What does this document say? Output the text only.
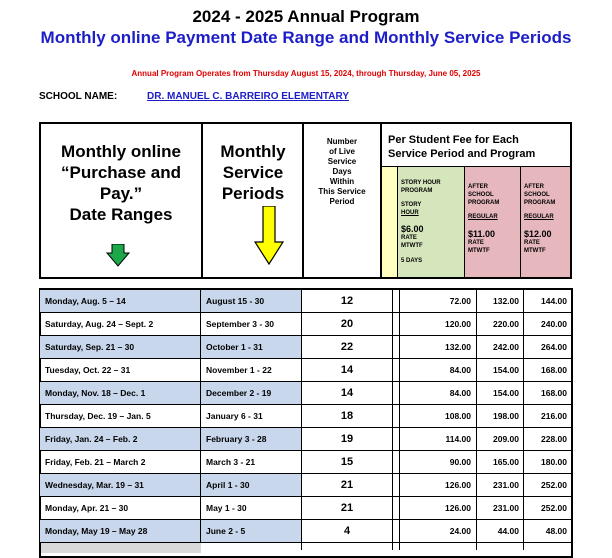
2024 - 2025 Annual Program
Monthly online Payment Date Range and Monthly Service Periods
Annual Program Operates from Thursday August 15, 2024, through Thursday, June 05, 2025
SCHOOL NAME:	DR. MANUEL C. BARREIRO ELEMENTARY
Monthly online
“Purchase and
Pay.”
Date Ranges
Monthly
Service
Periods
Number
of Live
Service
Days
Within
This Service
Period
Per Student Fee for Each
Service Period and Program
STORY HOUR
PROGRAM
STORY
HOUR
$6.00
RATE
MTWTF
5 DAYS
AFTER
SCHOOL
PROGRAM
REGULAR
$11.00
RATE
MTWTF
AFTER
SCHOOL
PROGRAM
REGULAR
$12.00
RATE
MTWTF
Monday, Aug. 5 – 14	August 15 - 30	12	72.00	132.00	144.00
Saturday, Aug. 24 – Sept. 2	September 3 - 30	20	120.00	220.00	240.00
Saturday, Sep. 21 – 30	October 1 - 31	22	132.00	242.00	264.00
Tuesday, Oct. 22 – 31	November 1 - 22	14	84.00	154.00	168.00
Monday, Nov. 18 – Dec. 1	December 2 - 19	14	84.00	154.00	168.00
Thursday, Dec. 19 – Jan. 5	January 6 - 31	18	108.00	198.00	216.00
Friday, Jan. 24 – Feb. 2	February 3 - 28	19	114.00	209.00	228.00
Friday, Feb. 21 – March 2	March 3 - 21	15	90.00	165.00	180.00
Wednesday, Mar. 19 – 31	April 1 - 30	21	126.00	231.00	252.00
Monday, Apr. 21 – 30	May 1 - 30	21	126.00	231.00	252.00
Monday, May 19 – May 28	June 2 - 5	4	24.00	44.00	48.00
